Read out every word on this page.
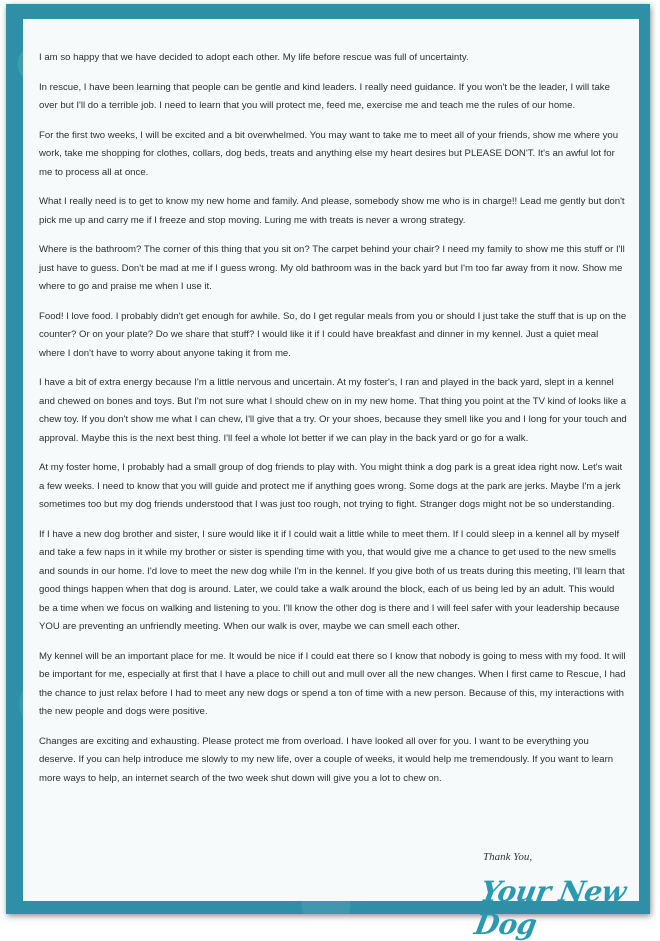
I am so happy that we have decided to adopt each other. My life before rescue was full of uncertainty.

In rescue, I have been learning that people can be gentle and kind leaders. I really need guidance. If you won't be the leader, I will take over but I'll do a terrible job. I need to learn that you will protect me, feed me, exercise me and teach me the rules of our home.

For the first two weeks, I will be excited and a bit overwhelmed. You may want to take me to meet all of your friends, show me where you work, take me shopping for clothes, collars, dog beds, treats and anything else my heart desires but PLEASE DON'T. It's an awful lot for me to process all at once.

What I really need is to get to know my new home and family. And please, somebody show me who is in charge!! Lead me gently but don't pick me up and carry me if I freeze and stop moving. Luring me with treats is never a wrong strategy.

Where is the bathroom? The corner of this thing that you sit on? The carpet behind your chair? I need my family to show me this stuff or I'll just have to guess. Don't be mad at me if I guess wrong. My old bathroom was in the back yard but I'm too far away from it now. Show me where to go and praise me when I use it.

Food! I love food. I probably didn't get enough for awhile. So, do I get regular meals from you or should I just take the stuff that is up on the counter? Or on your plate? Do we share that stuff? I would like it if I could have breakfast and dinner in my kennel. Just a quiet meal where I don't have to worry about anyone taking it from me.

I have a bit of extra energy because I'm a little nervous and uncertain. At my foster's, I ran and played in the back yard, slept in a kennel and chewed on bones and toys. But I'm not sure what I should chew on in my new home. That thing you point at the TV kind of looks like a chew toy. If you don't show me what I can chew, I'll give that a try. Or your shoes, because they smell like you and I long for your touch and approval. Maybe this is the next best thing. I'll feel a whole lot better if we can play in the back yard or go for a walk.

At my foster home, I probably had a small group of dog friends to play with. You might think a dog park is a great idea right now. Let's wait a few weeks. I need to know that you will guide and protect me if anything goes wrong. Some dogs at the park are jerks. Maybe I'm a jerk sometimes too but my dog friends understood that I was just too rough, not trying to fight. Stranger dogs might not be so understanding.

If I have a new dog brother and sister, I sure would like it if I could wait a little while to meet them. If I could sleep in a kennel all by myself and take a few naps in it while my brother or sister is spending time with you, that would give me a chance to get used to the new smells and sounds in our home. I'd love to meet the new dog while I'm in the kennel. If you give both of us treats during this meeting, I'll learn that good things happen when that dog is around. Later, we could take a walk around the block, each of us being led by an adult. This would be a time when we focus on walking and listening to you. I'll know the other dog is there and I will feel safer with your leadership because YOU are preventing an unfriendly meeting. When our walk is over, maybe we can smell each other.

My kennel will be an important place for me. It would be nice if I could eat there so I know that nobody is going to mess with my food. It will be important for me, especially at first that I have a place to chill out and mull over all the new changes. When I first came to Rescue, I had the chance to just relax before I had to meet any new dogs or spend a ton of time with a new person. Because of this, my interactions with the new people and dogs were positive.

Changes are exciting and exhausting. Please protect me from overload. I have looked all over for you. I want to be everything you deserve. If you can help introduce me slowly to my new life, over a couple of weeks, it would help me tremendously. If you want to learn more ways to help, an internet search of the two week shut down will give you a lot to chew on.

Thank You,
Your New Dog
